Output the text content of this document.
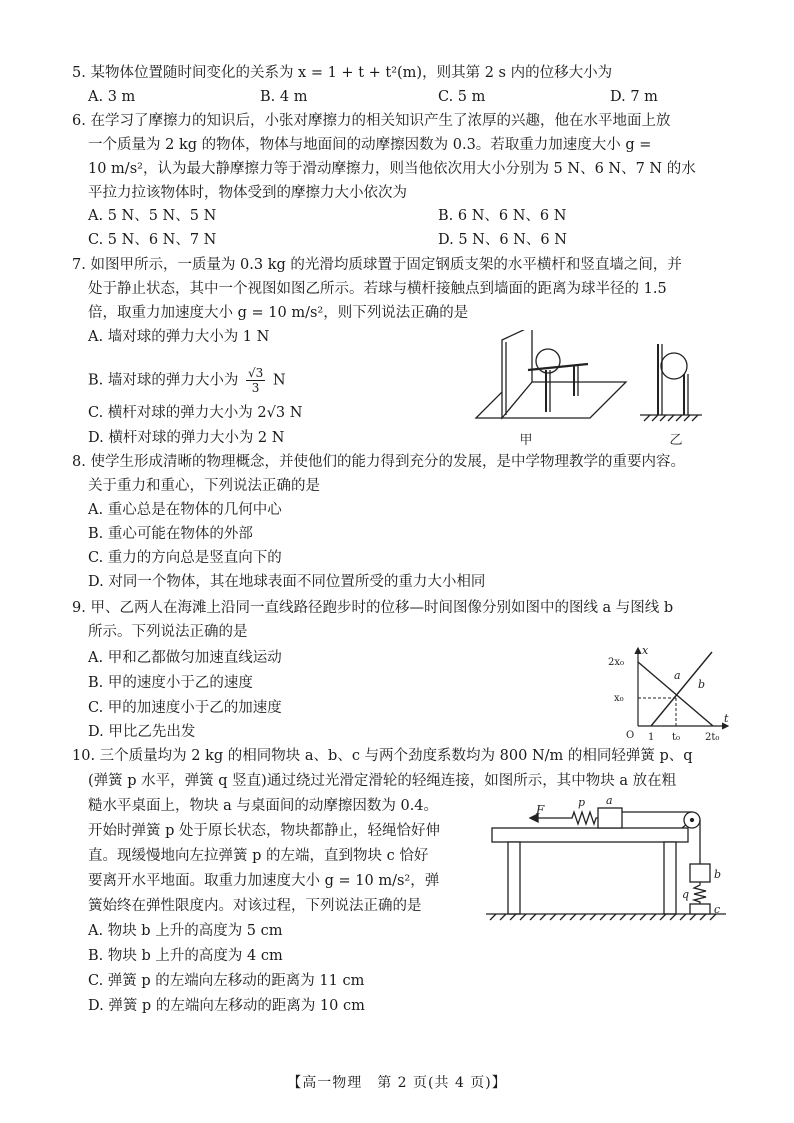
5. 某物体位置随时间变化的关系为 x = 1 + t + t²(m)，则其第 2 s 内的位移大小为
A. 3 m	B. 4 m	C. 5 m	D. 7 m
6. 在学习了摩擦力的知识后，小张对摩擦力的相关知识产生了浓厚的兴趣，他在水平地面上放
一个质量为 2 kg 的物体，物体与地面间的动摩擦因数为 0.3。若取重力加速度大小 g =
10 m/s²，认为最大静摩擦力等于滑动摩擦力，则当他依次用大小分别为 5 N、6 N、7 N 的水
平拉力拉该物体时，物体受到的摩擦力大小依次为
A. 5 N、5 N、5 N	B. 6 N、6 N、6 N
C. 5 N、6 N、7 N	D. 5 N、6 N、6 N
7. 如图甲所示，一质量为 0.3 kg 的光滑均质球置于固定钢质支架的水平横杆和竖直墙之间，并
处于静止状态，其中一个视图如图乙所示。若球与横杆接触点到墙面的距离为球半径的 1.5
倍，取重力加速度大小 g = 10 m/s²，则下列说法正确的是
A. 墙对球的弹力大小为 1 N
B. 墙对球的弹力大小为 $\frac{√3}{3}$ N
C. 横杆对球的弹力大小为 2√3 N
D. 横杆对球的弹力大小为 2 N	甲	乙
8. 使学生形成清晰的物理概念，并使他们的能力得到充分的发展，是中学物理教学的重要内容。
关于重力和重心，下列说法正确的是
A. 重心总是在物体的几何中心
B. 重心可能在物体的外部
C. 重力的方向总是竖直向下的
D. 对同一个物体，其在地球表面不同位置所受的重力大小相同
9. 甲、乙两人在海滩上沿同一直线路径跑步时的位移—时间图像分别如图中的图线 a 与图线 b
所示。下列说法正确的是
A. 甲和乙都做匀加速直线运动
B. 甲的速度小于乙的速度
C. 甲的加速度小于乙的加速度
D. 甲比乙先出发
x
t
2x₀
x₀
O 1 t₀ 2t₀
a
b
10. 三个质量均为 2 kg 的相同物块 a、b、c 与两个劲度系数均为 800 N/m 的相同轻弹簧 p、q
(弹簧 p 水平，弹簧 q 竖直)通过绕过光滑定滑轮的轻绳连接，如图所示，其中物块 a 放在粗
糙水平桌面上，物块 a 与桌面间的动摩擦因数为 0.4。
开始时弹簧 p 处于原长状态，物块都静止，轻绳恰好伸
直。现缓慢地向左拉弹簧 p 的左端，直到物块 c 恰好
要离开水平地面。取重力加速度大小 g = 10 m/s²，弹
簧始终在弹性限度内。对该过程，下列说法正确的是
A. 物块 b 上升的高度为 5 cm
B. 物块 b 上升的高度为 4 cm
C. 弹簧 p 的左端向左移动的距离为 11 cm
D. 弹簧 p 的左端向左移动的距离为 10 cm
F
p a
b
q
c
【高一物理　第 2 页(共 4 页)】
